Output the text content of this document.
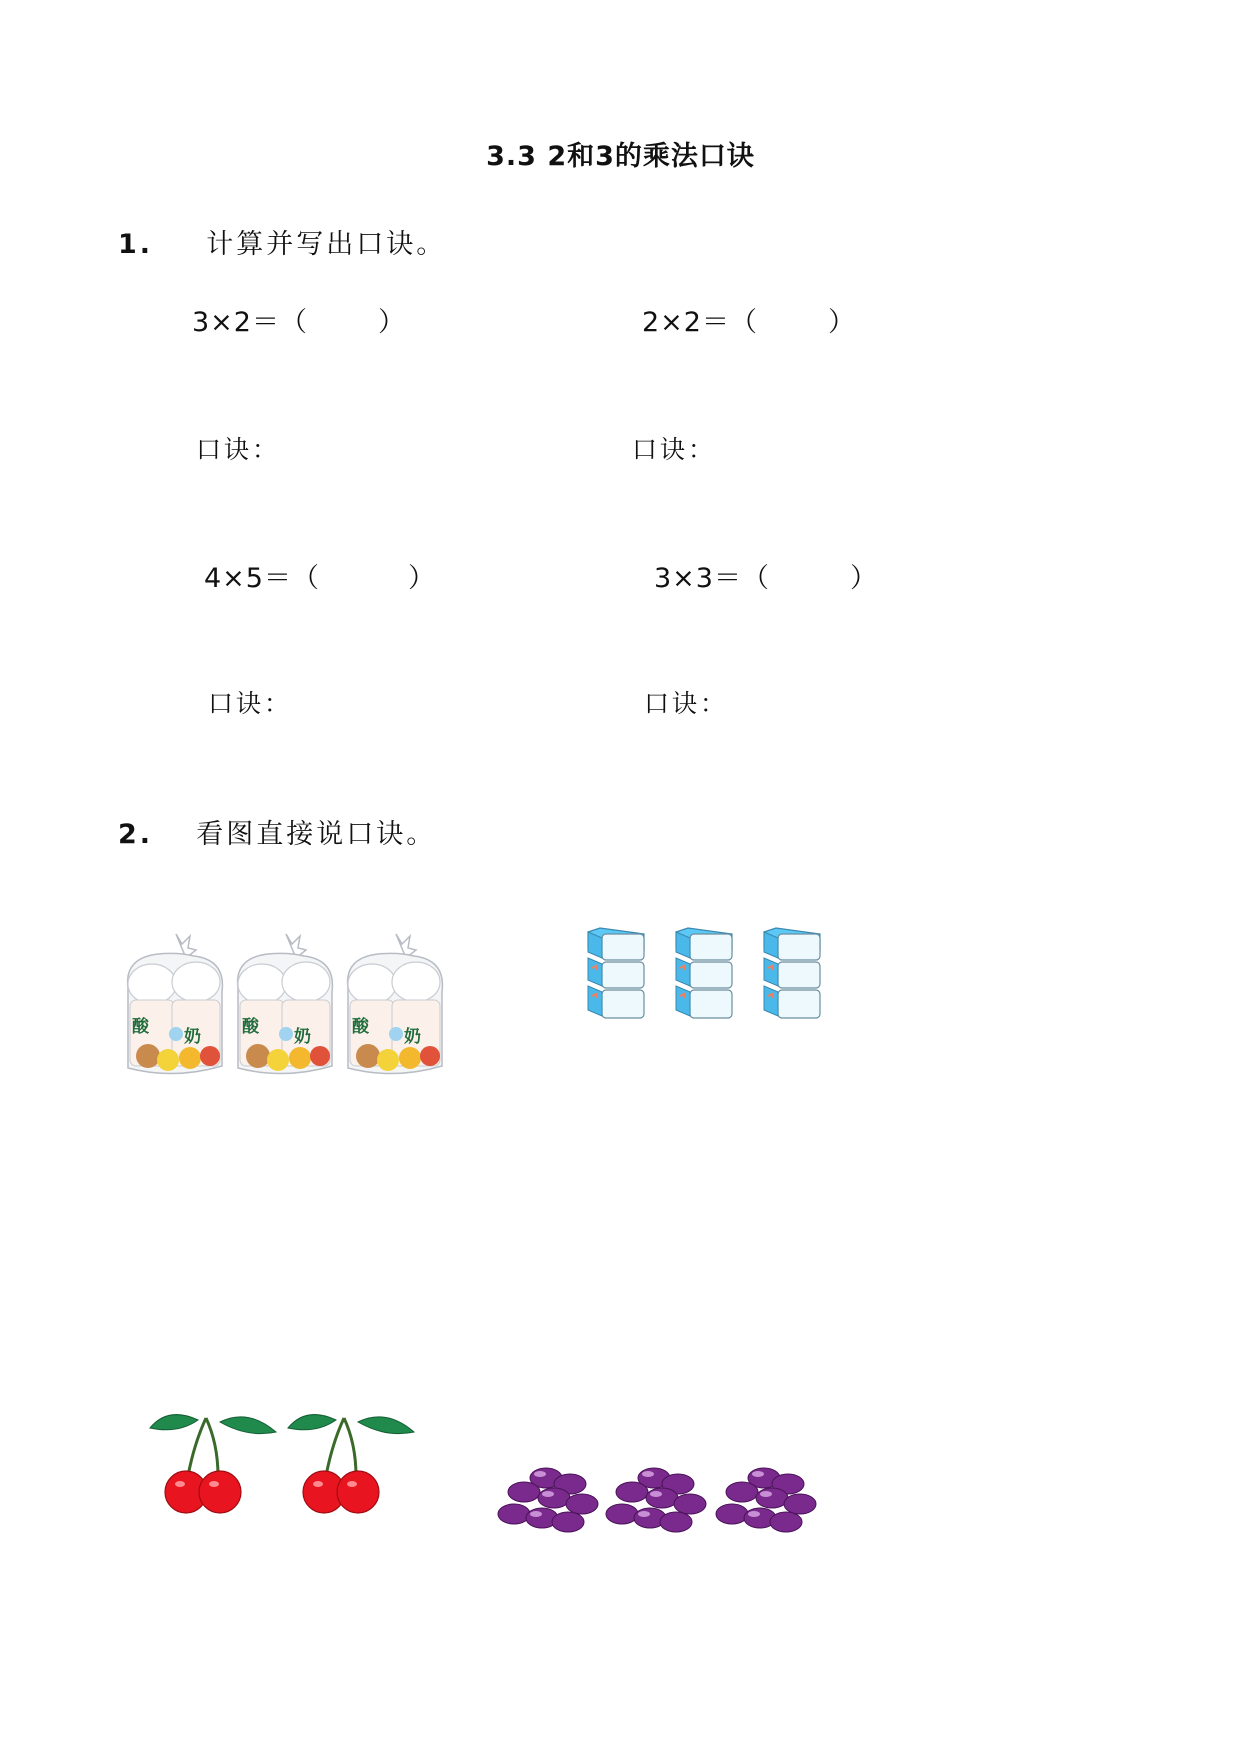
3.3 2和3的乘法口诀
1. 计算并写出口诀。
3×2＝（	）	2×2＝（	）
口诀：	口诀：
4×5＝（	）	3×3＝（	）
口诀：	口诀：
2. 看图直接说口诀。
酸 奶 酸 奶
